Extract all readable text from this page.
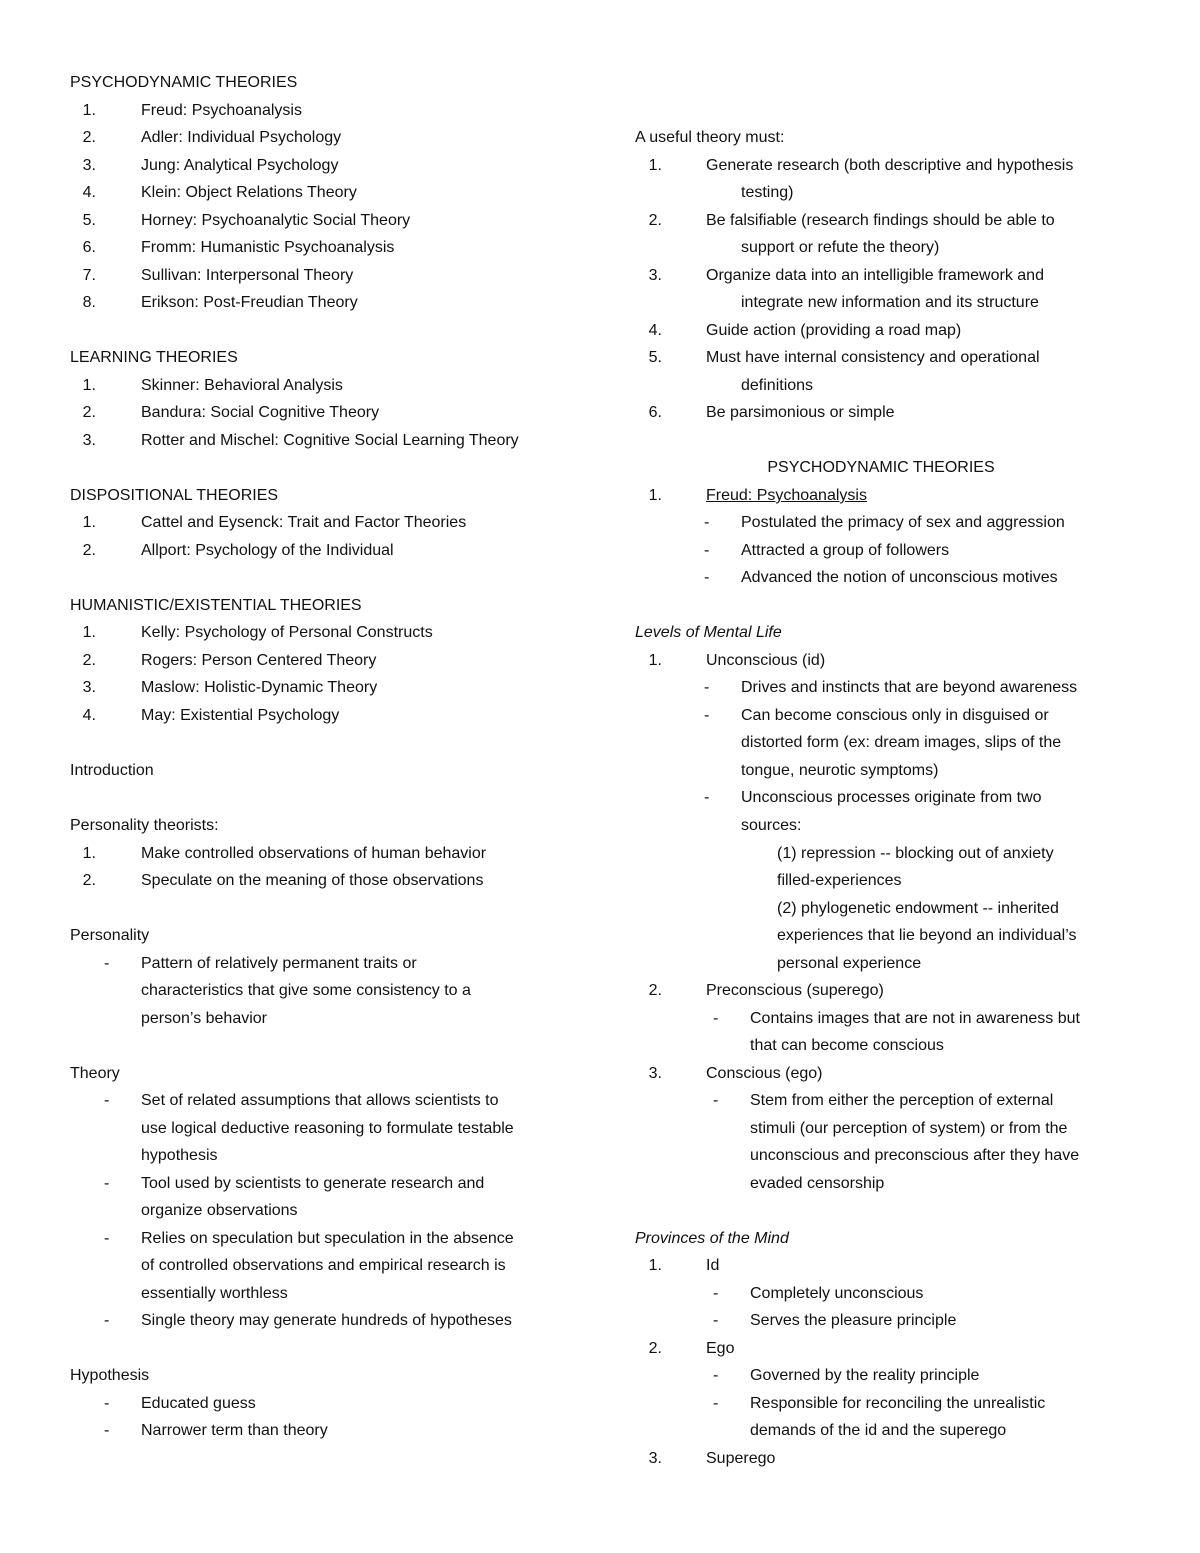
PSYCHODYNAMIC THEORIES
1.	Freud: Psychoanalysis
2.	Adler: Individual Psychology
3.	Jung: Analytical Psychology
4.	Klein: Object Relations Theory
5.	Horney: Psychoanalytic Social Theory
6.	Fromm: Humanistic Psychoanalysis
7.	Sullivan: Interpersonal Theory
8.	Erikson: Post-Freudian Theory
LEARNING THEORIES
1.	Skinner: Behavioral Analysis
2.	Bandura: Social Cognitive Theory
3.	Rotter and Mischel: Cognitive Social Learning Theory
DISPOSITIONAL THEORIES
1.	Cattel and Eysenck: Trait and Factor Theories
2.	Allport: Psychology of the Individual
HUMANISTIC/EXISTENTIAL THEORIES
1.	Kelly: Psychology of Personal Constructs
2.	Rogers: Person Centered Theory
3.	Maslow: Holistic-Dynamic Theory
4.	May: Existential Psychology
Introduction
Personality theorists:
1.	Make controlled observations of human behavior
2.	Speculate on the meaning of those observations
Personality
- Pattern of relatively permanent traits or
characteristics that give some consistency to a
person’s behavior
Theory
- Set of related assumptions that allows scientists to
use logical deductive reasoning to formulate testable
hypothesis
- Tool used by scientists to generate research and
organize observations
- Relies on speculation but speculation in the absence
of controlled observations and empirical research is
essentially worthless
- Single theory may generate hundreds of hypotheses
Hypothesis
- Educated guess
- Narrower term than theory
A useful theory must:
1.	Generate research (both descriptive and hypothesis
testing)
2.	Be falsifiable (research findings should be able to
support or refute the theory)
3.	Organize data into an intelligible framework and
integrate new information and its structure
4.	Guide action (providing a road map)
5.	Must have internal consistency and operational
definitions
6.	Be parsimonious or simple
PSYCHODYNAMIC THEORIES
1.	Freud: Psychoanalysis
- Postulated the primacy of sex and aggression
- Attracted a group of followers
- Advanced the notion of unconscious motives
Levels of Mental Life
1.	Unconscious (id)
- Drives and instincts that are beyond awareness
- Can become conscious only in disguised or
distorted form (ex: dream images, slips of the
tongue, neurotic symptoms)
- Unconscious processes originate from two
sources:
(1) repression -- blocking out of anxiety
filled-experiences
(2) phylogenetic endowment -- inherited
experiences that lie beyond an individual’s
personal experience
2.	Preconscious (superego)
- Contains images that are not in awareness but
that can become conscious
3.	Conscious (ego)
- Stem from either the perception of external
stimuli (our perception of system) or from the
unconscious and preconscious after they have
evaded censorship
Provinces of the Mind
1.	Id
- Completely unconscious
- Serves the pleasure principle
2.	Ego
- Governed by the reality principle
- Responsible for reconciling the unrealistic
demands of the id and the superego
3.	Superego
